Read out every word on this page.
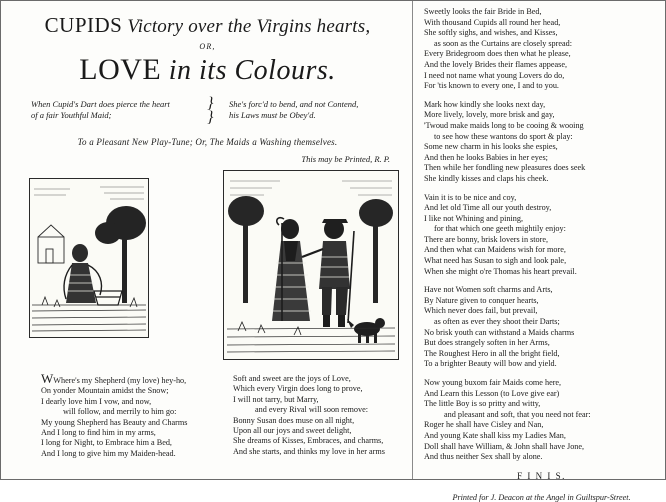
CUPIDS Victory over the Virgins hearts,
OR,
LOVE in its Colours.
When Cupid's Dart does pierce the heart
of a fair Youthful Maid;
}
}
She's forc'd to bend, and not Contend,
his Laws must be Obey'd.
To a Pleasant New Play-Tune; Or, The Maids a Washing themselves.
This may be Printed, R. P.
WWhere's my Shepherd (my love) hey-ho,
On yonder Mountain amidst the Snow;
I dearly love him I vow, and now,
will follow, and merrily to him go:
My young Shepherd has Beauty and Charms
And I long to find him in my arms,
I long for Night, to Embrace him a Bed,
And I long to give him my Maiden-head.
Soft and sweet are the joys of Love,
Which every Virgin does long to prove,
I will not tarry, but Marry,
and every Rival will soon remove:
Bonny Susan does muse on all night,
Upon all our joys and sweet delight,
She dreams of Kisses, Embraces, and charms,
And she starts, and thinks my love in her arms
Sweetly looks the fair Bride in Bed,
With thousand Cupids all round her head,
She softly sighs, and wishes, and Kisses,
as soon as the Curtains are closely spread:
Every Bridegroom does then what he please,
And the lovely Brides their flames appease,
I need not name what young Lovers do do,
For 'tis known to every one, I and to you.
Mark how kindly she looks next day,
More lively, lovely, more brisk and gay,
'Twoud make maids long to be cooing & wooing
to see how these wantons do sport & play:
Some new charm in his looks she espies,
And then he looks Babies in her eyes;
Then while her fondling new pleasures does seek
She kindly kisses and claps his cheek.
Vain it is to be nice and coy,
And let old Time all our youth destroy,
I like not Whining and pining,
for that which one geeth mightily enjoy:
There are bonny, brisk lovers in store,
And then what can Maidens wish for more,
What need has Susan to sigh and look pale,
When she might o're Thomas his heart prevail.
Have not Women soft charms and Arts,
By Nature given to conquer hearts,
Which never does fail, but prevail,
as often as ever they shoot their Darts;
No brisk youth can withstand a Maids charms
But does strangely soften in her Arms,
The Roughest Hero in all the bright field,
To a brighter Beauty will bow and yield.
Now young buxom fair Maids come here,
And Learn this Lesson (to Love give ear)
The little Boy is so pritty and witty,
and pleasant and soft, that you need not fear:
Roger he shall have Cisley and Nan,
And young Kate shall kiss my Ladies Man,
Doll shall have William, & John shall have Jone,
And thus neither Sex shall by alone.
F I N I S.
Printed for J. Deacon at the Angel in Guiltspur-Street.
